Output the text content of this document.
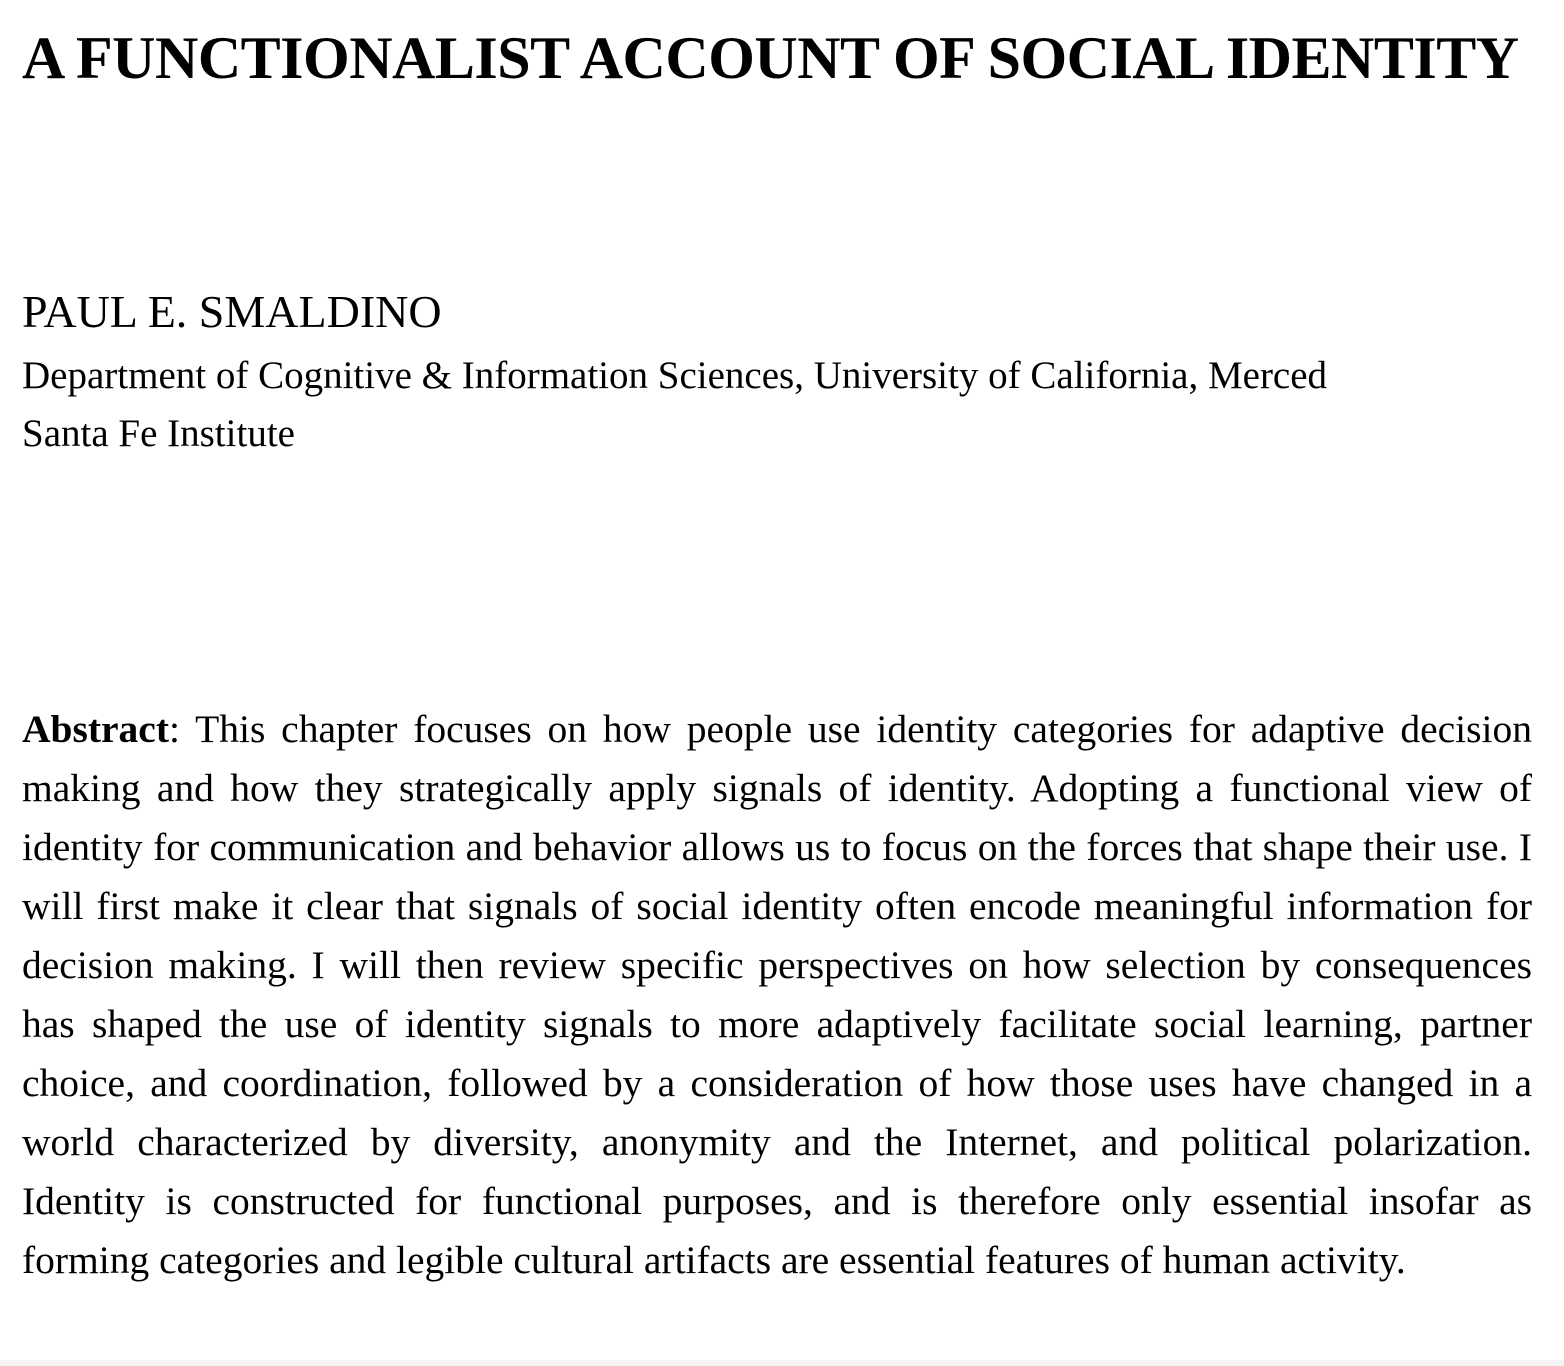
A FUNCTIONALIST ACCOUNT OF SOCIAL IDENTITY
PAUL E. SMALDINO

Department of Cognitive & Information Sciences, University of California, Merced

Santa Fe Institute

Abstract: This chapter focuses on how people use identity categories for adaptive decision making and how they strategically apply signals of identity. Adopting a functional view of identity for communication and behavior allows us to focus on the forces that shape their use. I will first make it clear that signals of social identity often encode meaningful information for decision making. I will then review specific perspectives on how selection by consequences has shaped the use of identity signals to more adaptively facilitate social learning, partner choice, and coordination, followed by a consideration of how those uses have changed in a world characterized by diversity, anonymity and the Internet, and political polarization. Identity is constructed for functional purposes, and is therefore only essential insofar as forming categories and legible cultural artifacts are essential features of human activity.
